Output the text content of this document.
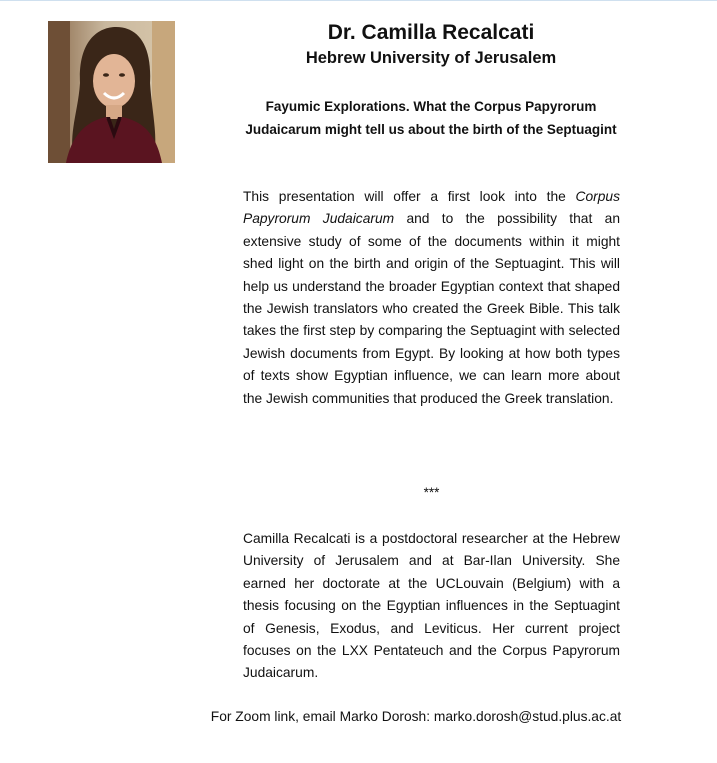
Dr. Camilla Recalcati
Hebrew University of Jerusalem
Fayumic Explorations. What the Corpus Papyrorum Judaicarum might tell us about the birth of the Septuagint
This presentation will offer a first look into the Corpus Papyrorum Judaicarum and to the possibility that an extensive study of some of the documents within it might shed light on the birth and origin of the Septuagint. This will help us understand the broader Egyptian context that shaped the Jewish translators who created the Greek Bible. This talk takes the first step by comparing the Septuagint with selected Jewish documents from Egypt. By looking at how both types of texts show Egyptian influence, we can learn more about the Jewish communities that produced the Greek translation.
***
Camilla Recalcati is a postdoctoral researcher at the Hebrew University of Jerusalem and at Bar-Ilan University. She earned her doctorate at the UCLouvain (Belgium) with a thesis focusing on the Egyptian influences in the Septuagint of Genesis, Exodus, and Leviticus. Her current project focuses on the LXX Pentateuch and the Corpus Papyrorum Judaicarum.
For Zoom link, email Marko Dorosh: marko.dorosh@stud.plus.ac.at
